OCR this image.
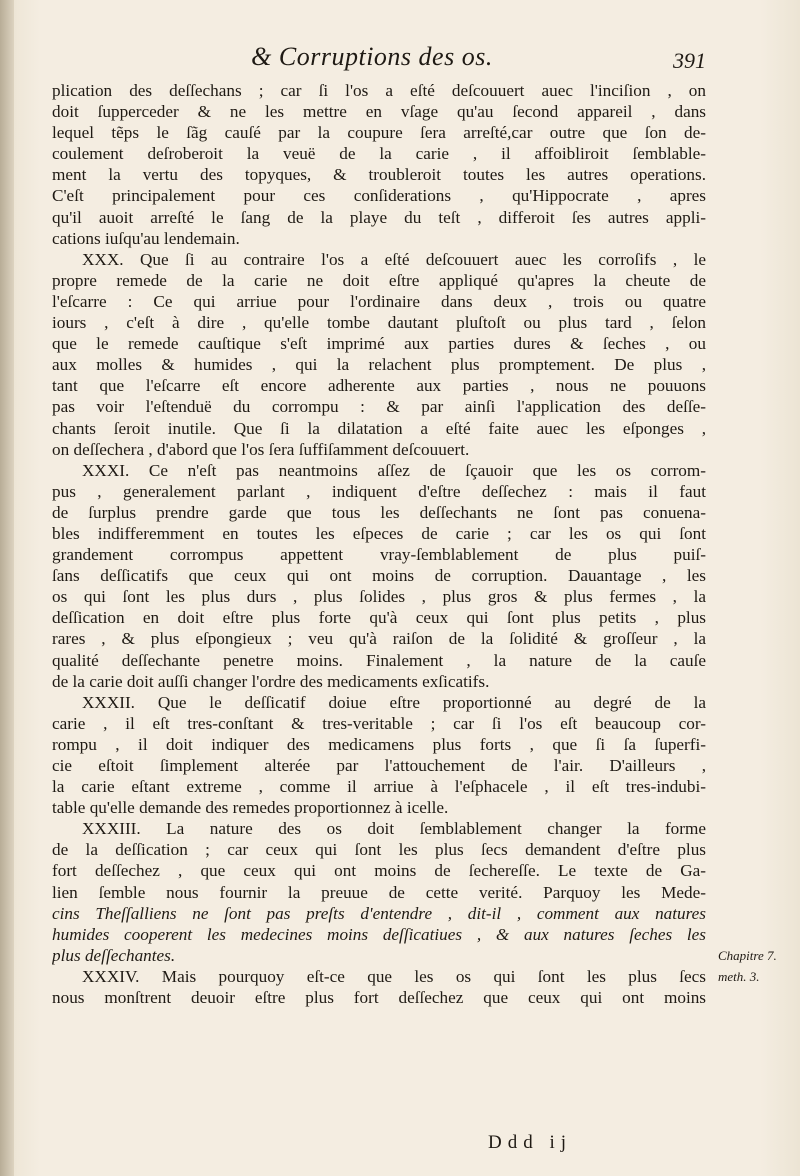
& Corruptions des os.	391
plication des deſſechans ; car ſi l'os a eſté deſcouuert auec l'inciſion , on
doit ſupperceder & ne les mettre en vſage qu'au ſecond appareil , dans
lequel tẽps le ſãg cauſé par la coupure ſera arreſté,car outre que ſon de-
coulement deſroberoit la veuë de la carie , il affoibliroit ſemblable-
ment la vertu des topyques, & troubleroit toutes les autres operations.
C'eſt principalement pour ces conſiderations , qu'Hippocrate , apres
qu'il auoit arreſté le ſang de la playe du teſt , differoit ſes autres appli-
cations iuſqu'au lendemain.
XXX. Que ſi au contraire l'os a eſté deſcouuert auec les corroſifs , le
propre remede de la carie ne doit eſtre appliqué qu'apres la cheute de
l'eſcarre : Ce qui arriue pour l'ordinaire dans deux , trois ou quatre
iours , c'eſt à dire , qu'elle tombe dautant pluſtoſt ou plus tard , ſelon
que le remede cauſtique s'eſt imprimé aux parties dures & ſeches , ou
aux molles & humides , qui la relachent plus promptement. De plus ,
tant que l'eſcarre eſt encore adherente aux parties , nous ne pouuons
pas voir l'eſtenduë du corrompu : & par ainſi l'application des deſſe-
chants ſeroit inutile. Que ſi la dilatation a eſté faite auec les eſponges ,
on deſſechera , d'abord que l'os ſera ſuffiſamment deſcouuert.
XXXI. Ce n'eſt pas neantmoins aſſez de ſçauoir que les os corrom-
pus , generalement parlant , indiquent d'eſtre deſſechez : mais il faut
de ſurplus prendre garde que tous les deſſechants ne ſont pas conuena-
bles indifferemment en toutes les eſpeces de carie ; car les os qui ſont
grandement corrompus appettent vray-ſemblablement de plus puiſ-
ſans deſſicatifs que ceux qui ont moins de corruption. Dauantage , les
os qui ſont les plus durs , plus ſolides , plus gros & plus fermes , la
deſſication en doit eſtre plus forte qu'à ceux qui ſont plus petits , plus
rares , & plus eſpongieux ; veu qu'à raiſon de la ſolidité & groſſeur , la
qualité deſſechante penetre moins. Finalement , la nature de la cauſe
de la carie doit auſſi changer l'ordre des medicaments exſicatifs.
XXXII. Que le deſſicatif doiue eſtre proportionné au degré de la
carie , il eſt tres-conſtant & tres-veritable ; car ſi l'os eſt beaucoup cor-
rompu , il doit indiquer des medicamens plus forts , que ſi ſa ſuperfi-
cie eſtoit ſimplement alterée par l'attouchement de l'air. D'ailleurs ,
la carie eſtant extreme , comme il arriue à l'eſphacele , il eſt tres-indubi-
table qu'elle demande des remedes proportionnez à icelle.
XXXIII. La nature des os doit ſemblablement changer la forme
de la deſſication ; car ceux qui ſont les plus ſecs demandent d'eſtre plus
fort deſſechez , que ceux qui ont moins de ſechereſſe. Le texte de Ga-
lien ſemble nous fournir la preuue de cette verité. Parquoy les Mede-
cins Theſſalliens ne ſont pas preſts d'entendre , dit-il , comment aux natures
humides cooperent les medecines moins deſſicatiues , & aux natures ſeches les
plus deſſechantes.
XXXIV. Mais pourquoy eſt-ce que les os qui ſont les plus ſecs
nous monſtrent deuoir eſtre plus fort deſſechez que ceux qui ont moins
Chapitre 7.
meth. 3.
Ddd ij
